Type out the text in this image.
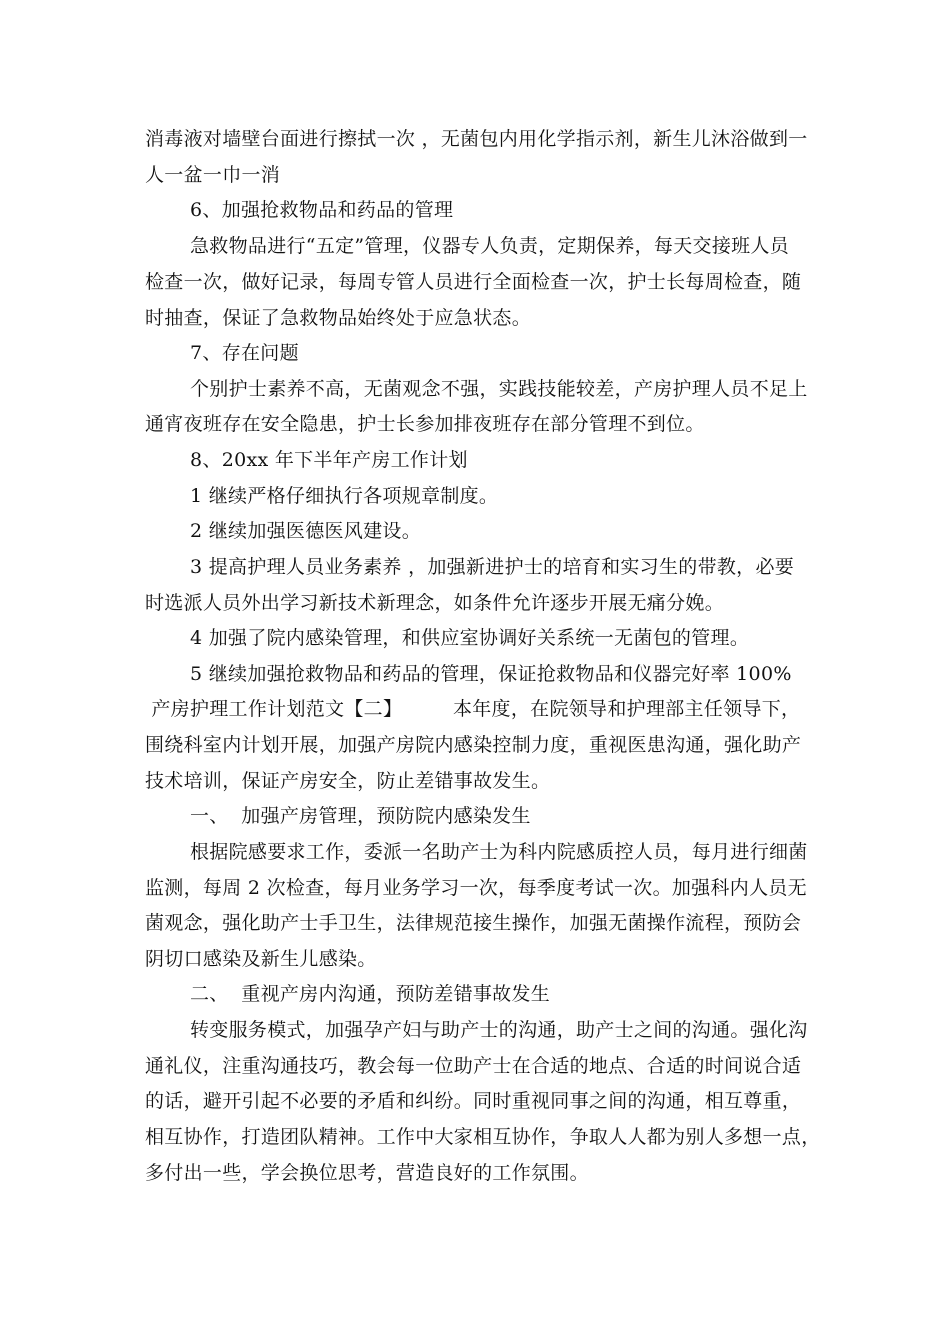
消毒液对墙壁台面进行擦拭一次 ，无菌包内用化学指示剂，新生儿沐浴做到一
人一盆一巾一消
6、加强抢救物品和药品的管理
急救物品进行“五定”管理，仪器专人负责，定期保养，每天交接班人员
检查一次，做好记录，每周专管人员进行全面检查一次，护士长每周检查，随
时抽查，保证了急救物品始终处于应急状态。
7、存在问题
个别护士素养不高，无菌观念不强，实践技能较差，产房护理人员不足上
通宵夜班存在安全隐患，护士长参加排夜班存在部分管理不到位。
8、20xx 年下半年产房工作计划
1 继续严格仔细执行各项规章制度。
2 继续加强医德医风建设。
3 提高护理人员业务素养 ，加强新进护士的培育和实习生的带教，必要
时选派人员外出学习新技术新理念，如条件允许逐步开展无痛分娩。
4 加强了院内感染管理，和供应室协调好关系统一无菌包的管理。
5 继续加强抢救物品和药品的管理，保证抢救物品和仪器完好率 100%
产房护理工作计划范文【二】        本年度，在院领导和护理部主任领导下，
围绕科室内计划开展，加强产房院内感染控制力度，重视医患沟通，强化助产
技术培训，保证产房安全，防止差错事故发生。
一、  加强产房管理，预防院内感染发生
根据院感要求工作，委派一名助产士为科内院感质控人员，每月进行细菌
监测，每周 2 次检查，每月业务学习一次，每季度考试一次。加强科内人员无
菌观念，强化助产士手卫生，法律规范接生操作，加强无菌操作流程，预防会
阴切口感染及新生儿感染。
二、  重视产房内沟通，预防差错事故发生
转变服务模式，加强孕产妇与助产士的沟通，助产士之间的沟通。强化沟
通礼仪，注重沟通技巧，教会每一位助产士在合适的地点、合适的时间说合适
的话，避开引起不必要的矛盾和纠纷。同时重视同事之间的沟通，相互尊重，
相互协作，打造团队精神。工作中大家相互协作，争取人人都为别人多想一点，
多付出一些，学会换位思考，营造良好的工作氛围。
